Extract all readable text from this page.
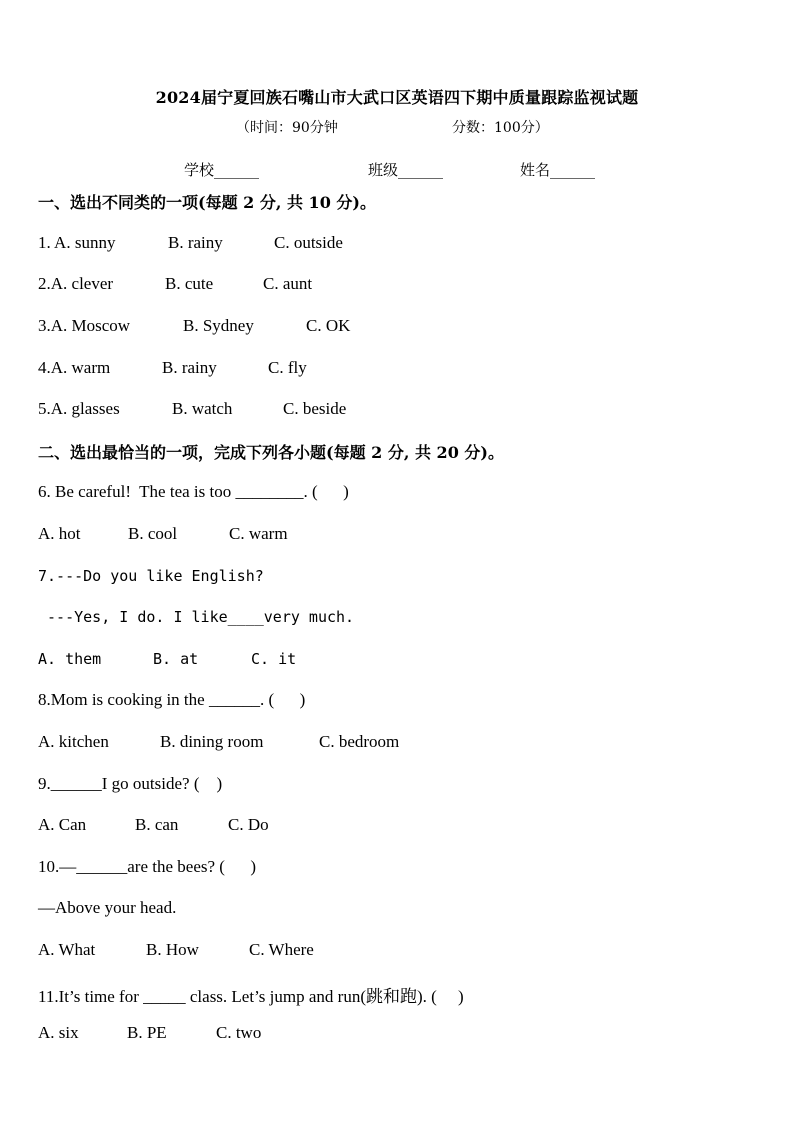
2024届宁夏回族石嘴山市大武口区英语四下期中质量跟踪监视试题
（时间：90分钟	分数：100分）
学校______	班级______	姓名______
一、选出不同类的一项(每题 2 分, 共 10 分)。
1. A. sunny	B. rainy	C. outside
2.A. clever	B. cute	C. aunt
3.A. Moscow	B. Sydney	C. OK
4.A. warm	B. rainy	C. fly
5.A. glasses	B. watch	C. beside
二、选出最恰当的一项，完成下列各小题(每题 2 分, 共 20 分)。
6. Be careful!  The tea is too ________. (      )
A. hot	B. cool	C. warm
7.---Do you like English?
---Yes, I do. I like____very much.
A. them	B. at	C. it
8.Mom is cooking in the ______. (      )
A. kitchen	B. dining room	C. bedroom
9.______I go outside? (    )
A. Can	B. can	C. Do
10.—______are the bees? (      )
—Above your head.
A. What	B. How	C. Where
11.It’s time for _____ class. Let’s jump and run(跳和跑). (     )
A. six	B. PE	C. two
